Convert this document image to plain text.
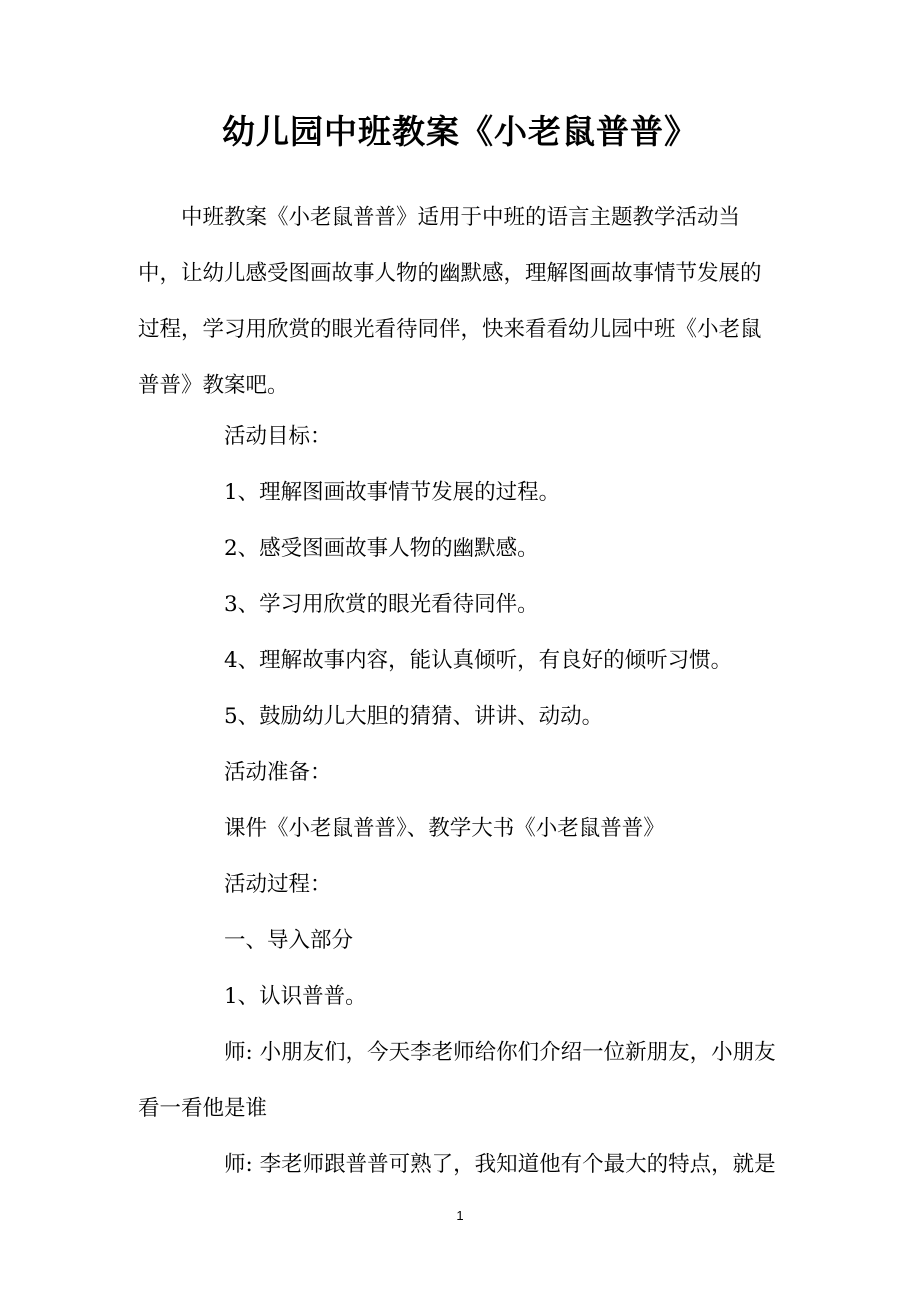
幼儿园中班教案《小老鼠普普》

中班教案《小老鼠普普》适用于中班的语言主题教学活动当中，让幼儿感受图画故事人物的幽默感，理解图画故事情节发展的过程，学习用欣赏的眼光看待同伴，快来看看幼儿园中班《小老鼠普普》教案吧。

活动目标：

1、理解图画故事情节发展的过程。

2、感受图画故事人物的幽默感。

3、学习用欣赏的眼光看待同伴。

4、理解故事内容，能认真倾听，有良好的倾听习惯。

5、鼓励幼儿大胆的猜猜、讲讲、动动。

活动准备：

课件《小老鼠普普》、教学大书《小老鼠普普》

活动过程：

一、导入部分

1、认识普普。

师: 小朋友们，今天李老师给你们介绍一位新朋友，小朋友看一看他是谁

师: 李老师跟普普可熟了，我知道他有个最大的特点，就是

1
